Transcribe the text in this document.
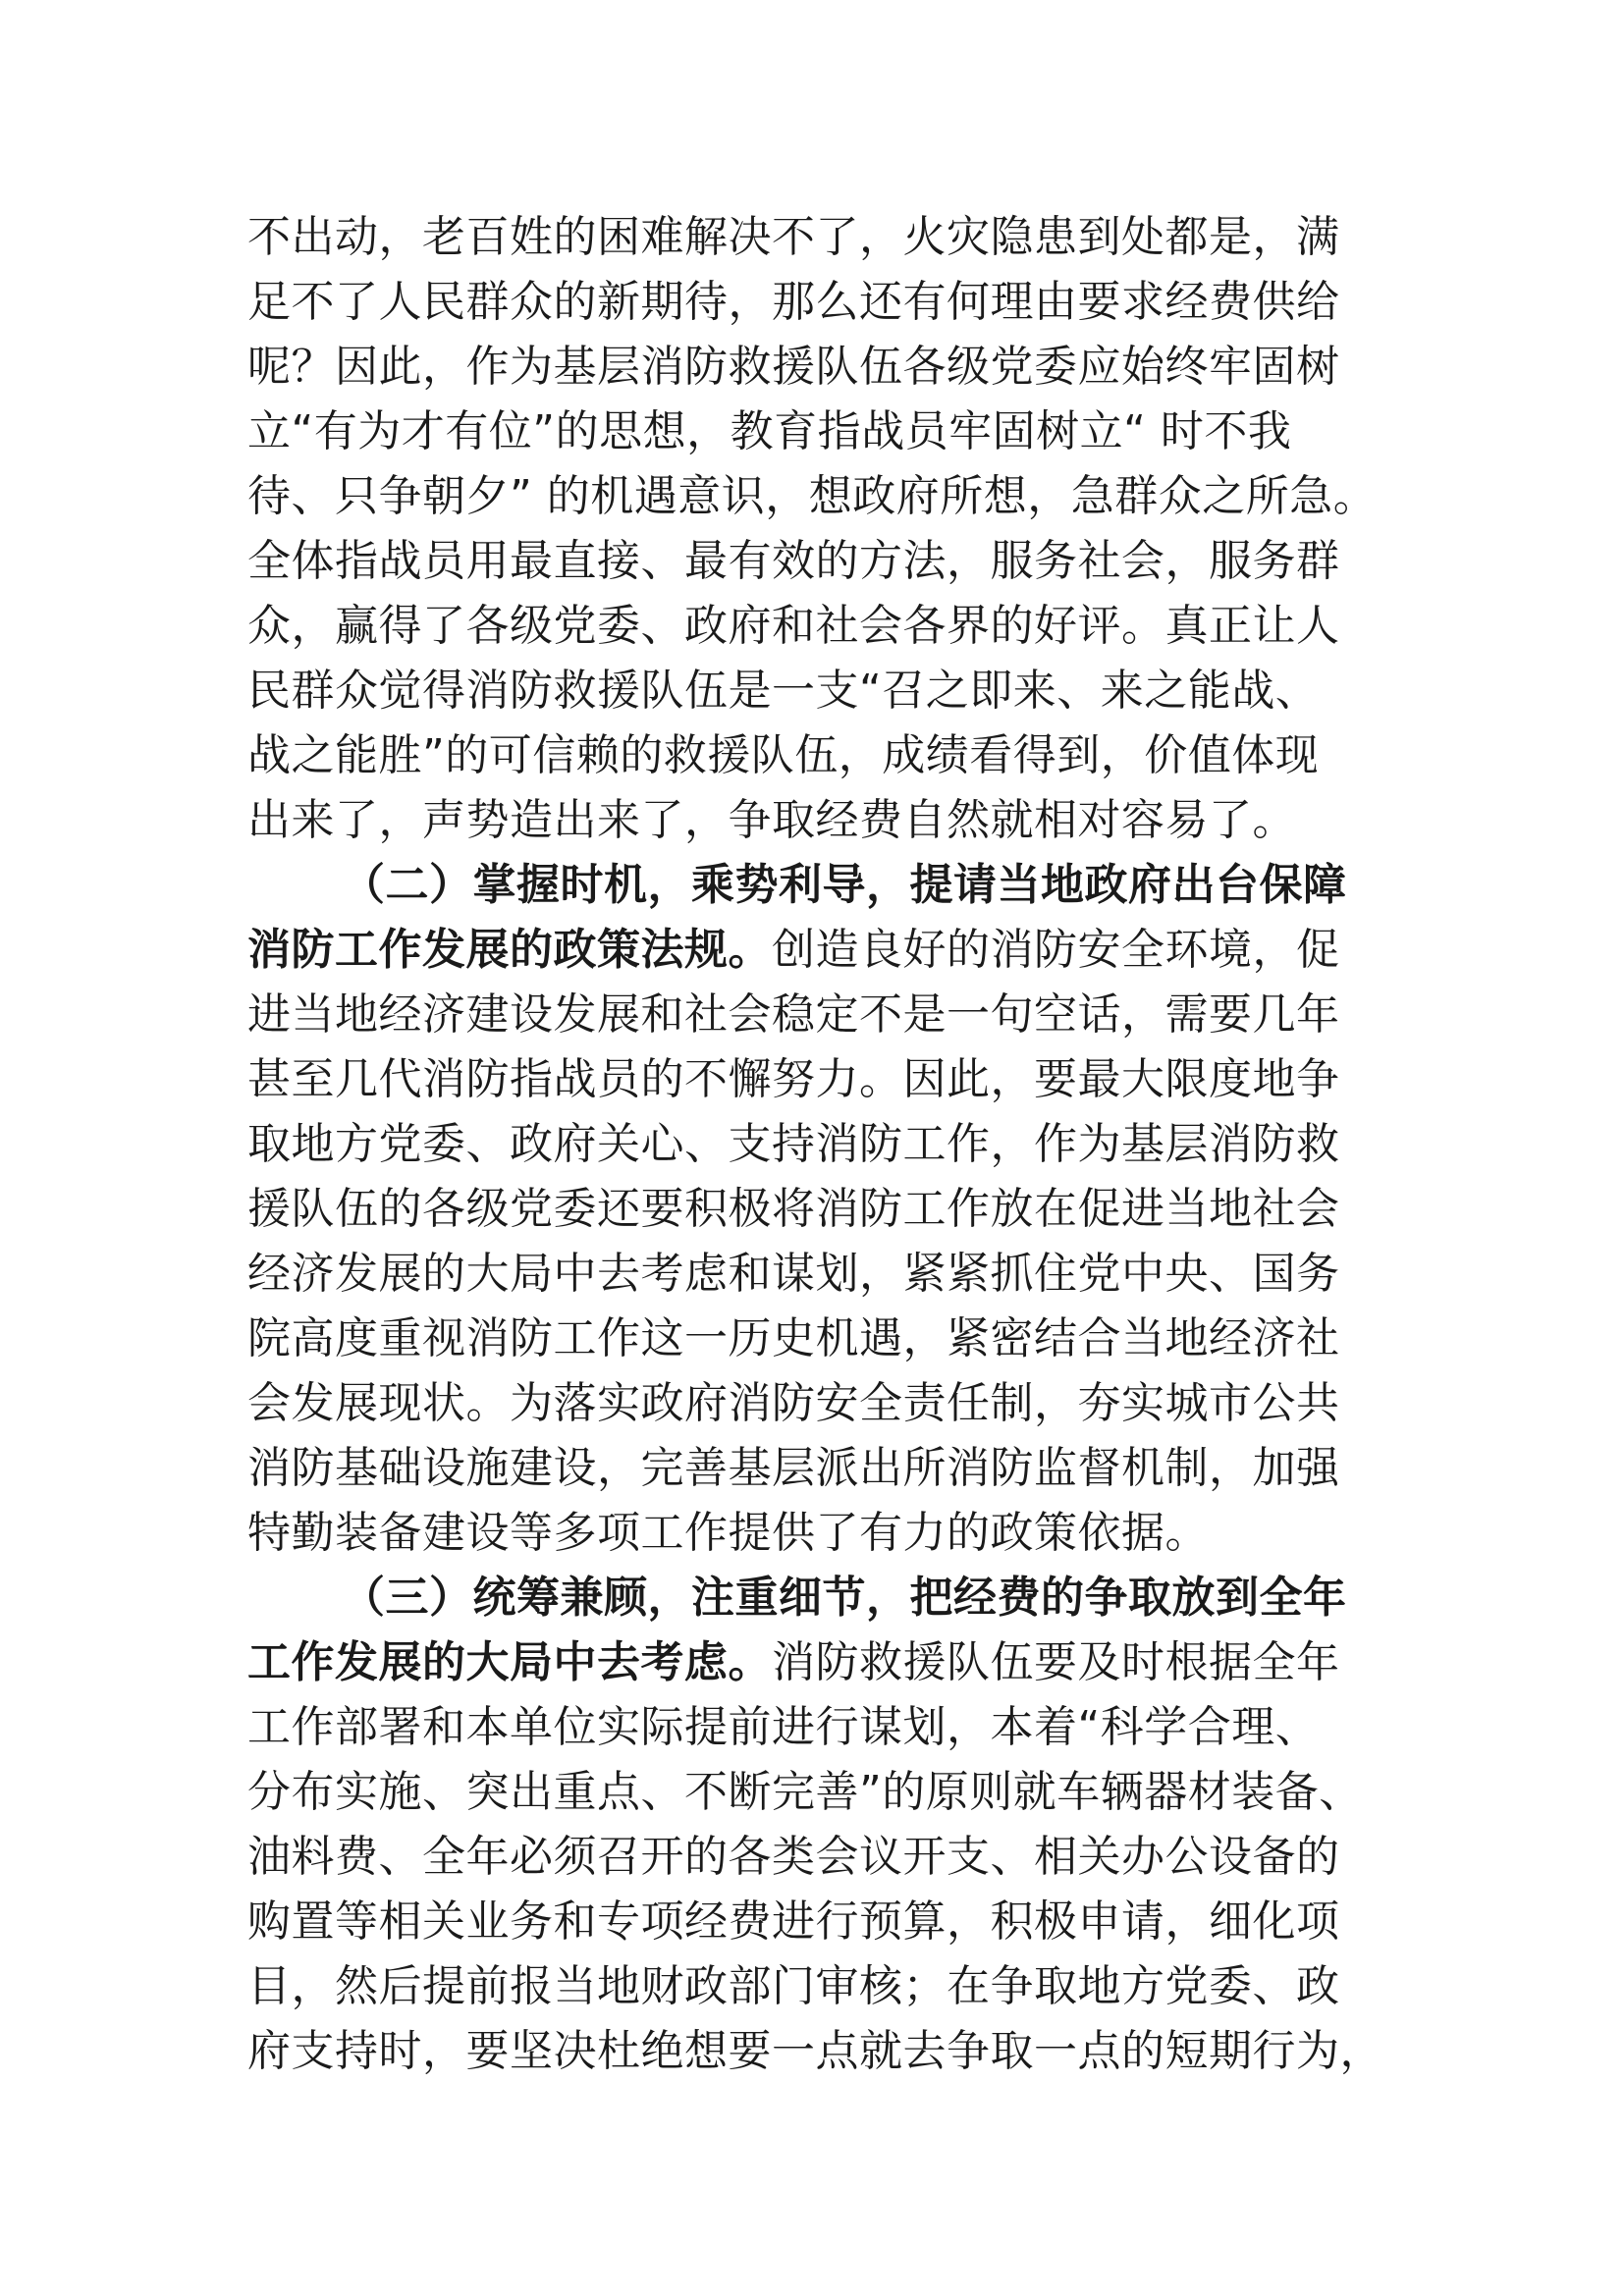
不出动，老百姓的困难解决不了，火灾隐患到处都是，满
足不了人民群众的新期待，那么还有何理由要求经费供给
呢？因此，作为基层消防救援队伍各级党委应始终牢固树
立“有为才有位”的思想，教育指战员牢固树立“ 时不我
待、只争朝夕” 的机遇意识，想政府所想，急群众之所急。
全体指战员用最直接、最有效的方法，服务社会，服务群
众，赢得了各级党委、政府和社会各界的好评。真正让人
民群众觉得消防救援队伍是一支“召之即来、来之能战、
战之能胜”的可信赖的救援队伍，成绩看得到，价值体现
出来了，声势造出来了，争取经费自然就相对容易了。
（二）掌握时机，乘势利导，提请当地政府出台保障
消防工作发展的政策法规。创造良好的消防安全环境，促
进当地经济建设发展和社会稳定不是一句空话，需要几年
甚至几代消防指战员的不懈努力。因此，要最大限度地争
取地方党委、政府关心、支持消防工作，作为基层消防救
援队伍的各级党委还要积极将消防工作放在促进当地社会
经济发展的大局中去考虑和谋划，紧紧抓住党中央、国务
院高度重视消防工作这一历史机遇，紧密结合当地经济社
会发展现状。为落实政府消防安全责任制，夯实城市公共
消防基础设施建设，完善基层派出所消防监督机制，加强
特勤装备建设等多项工作提供了有力的政策依据。
（三）统筹兼顾，注重细节，把经费的争取放到全年
工作发展的大局中去考虑。消防救援队伍要及时根据全年
工作部署和本单位实际提前进行谋划，本着“科学合理、
分布实施、突出重点、不断完善”的原则就车辆器材装备、
油料费、全年必须召开的各类会议开支、相关办公设备的
购置等相关业务和专项经费进行预算，积极申请，细化项
目，然后提前报当地财政部门审核；在争取地方党委、政
府支持时，要坚决杜绝想要一点就去争取一点的短期行为，
